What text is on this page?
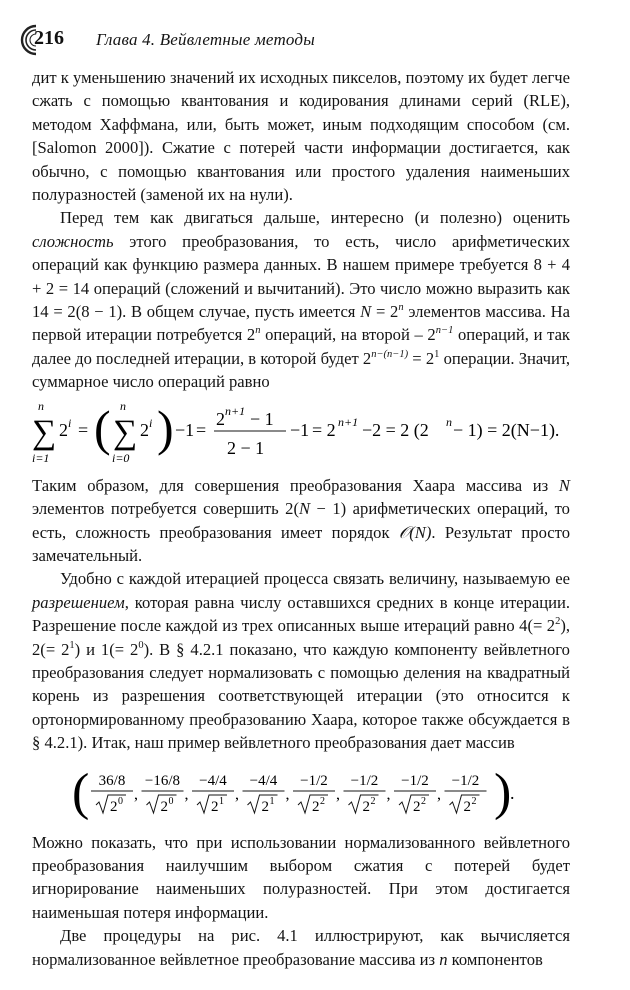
216 Глава 4. Вейвлетные методы

дит к уменьшению значений их исходных пикселов, поэтому их будет легче сжать с помощью квантования и кодирования длинами серий (RLE), методом Хаффмана, или, быть может, иным подходящим способом (см. [Salomon 2000]). Сжатие с потерей части информации достигается, как обычно, с помощью квантования или простого удаления наименьших полуразностей (заменой их на нули).

Перед тем как двигаться дальше, интересно (и полезно) оценить сложность этого преобразования, то есть, число арифметических операций как функцию размера данных. В нашем примере требуется 8 + 4 + 2 = 14 операций (сложений и вычитаний). Это число можно выразить как 14 = 2(8 − 1). В общем случае, пусть имеется $N = 2^n$ элементов массива. На первой итерации потребуется 2$^n$ операций, на второй – $2^{n-1}$ операций, и так далее до последней итерации, в которой будет $2^{n-(n-1)} = 2^1$ операции. Значит, суммарное число операций равно

n
∑
i=1
2 i = ( n
∑
i=0
2 i ) −1 =
2 n+1 − 1
2 − 1
−1 = 2 n+1 −2 = 2 (2 n − 1) = 2(N−1).

Таким образом, для совершения преобразования Хаара массива из N элементов потребуется совершить 2(N − 1) арифметических операций, то есть, сложность преобразования имеет порядок 𝒪(N). Результат просто замечательный.

Удобно с каждой итерацией процесса связать величину, называемую ее разрешением, которая равна числу оставшихся средних в конце итерации. Разрешение после каждой из трех описанных выше итераций равно $4(= 2^2)$, $2(= 2^1)$ и $1(= 2^0)$. В § 4.2.1 показано, что каждую компоненту вейвлетного преобразования следует нормализовать с помощью деления на квадратный корень из разрешения соответствующей итерации (это относится к ортонормированному преобразованию Хаара, которое также обсуждается в § 4.2.1). Итак, наш пример вейвлетного преобразования дает массив

( 36/8
2 0 ,
−16/8
2 0 ,
−4/4
2 1 ,
−4/4
2 1 ,
−1/2
2 2 ,
−1/2
2 2 ,
−1/2
2 2 ,
−1/2
2 2 )
.

Можно показать, что при использовании нормализованного вейвлетного преобразования наилучшим выбором сжатия с потерей будет игнорирование наименьших полуразностей. При этом достигается наименьшая потеря информации.

Две процедуры на рис. 4.1 иллюстрируют, как вычисляется нормализованное вейвлетное преобразование массива из n компонентов
